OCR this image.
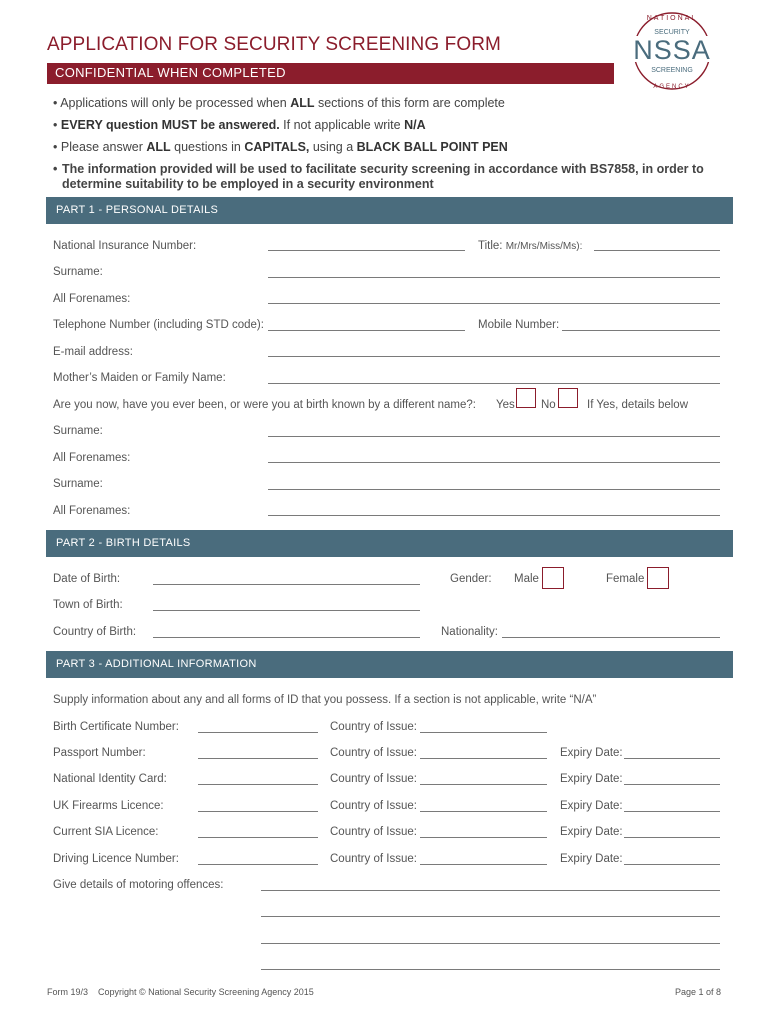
APPLICATION FOR SECURITY SCREENING FORM
CONFIDENTIAL WHEN COMPLETED
NATIONAL
SECURITY
NSSA
SCREENING
AGENCY
• Applications will only be processed when ALL sections of this form are complete
• EVERY question MUST be answered. If not applicable write N/A
• Please answer ALL questions in CAPITALS, using a BLACK BALL POINT PEN
• The information provided will be used to facilitate security screening in accordance with BS7858, in order to determine suitability to be employed in a security environment
PART 1 - PERSONAL DETAILS
National Insurance Number:	Title: Mr/Mrs/Miss/Ms):
Surname:
All Forenames:
Telephone Number (including STD code):	Mobile Number:
E-mail address:
Mother’s Maiden or Family Name:
Are you now, have you ever been, or were you at birth known by a different name?: Yes No	If Yes, details below
Surname:
All Forenames:
Surname:
All Forenames:
PART 2 - BIRTH DETAILS
Date of Birth:	Gender: Male	Female
Town of Birth:
Country of Birth:	Nationality:
PART 3 - ADDITIONAL INFORMATION
Supply information about any and all forms of ID that you possess. If a section is not applicable, write “N/A”
Birth Certificate Number:	Country of Issue:
Passport Number:	Country of Issue:	Expiry Date:
National Identity Card:	Country of Issue:	Expiry Date:
UK Firearms Licence:	Country of Issue:	Expiry Date:
Current SIA Licence:	Country of Issue:	Expiry Date:
Driving Licence Number:	Country of Issue:	Expiry Date:
Give details of motoring offences:
Form 19/3 Copyright © National Security Screening Agency 2015	Page 1 of 8
